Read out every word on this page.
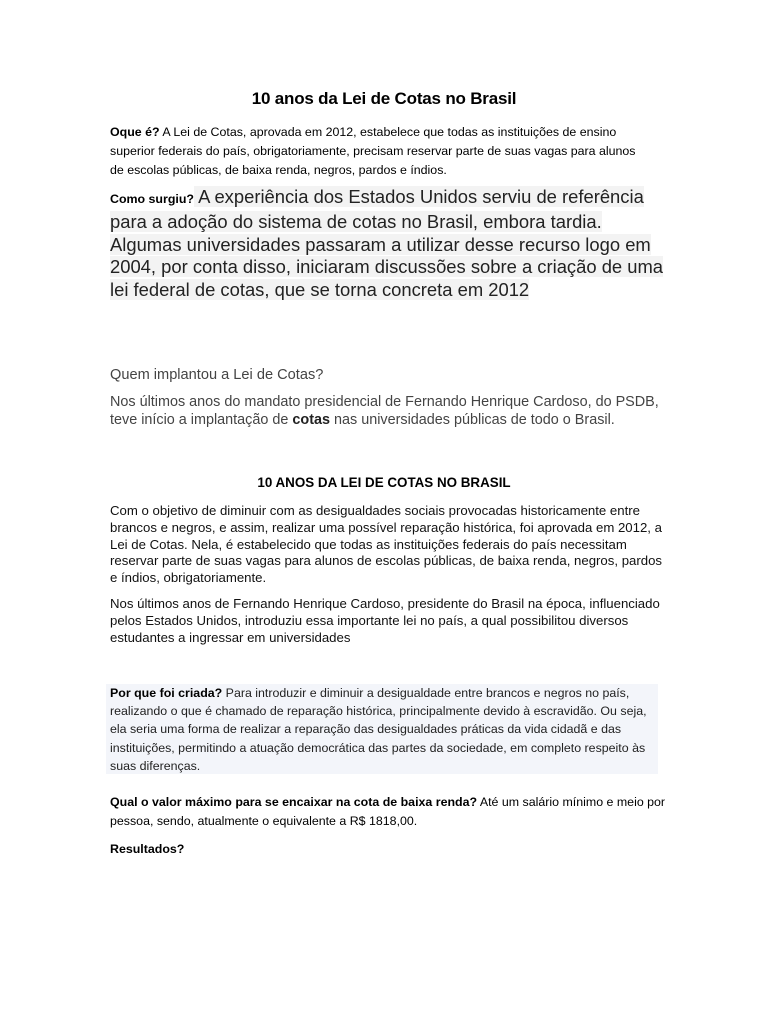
10 anos da Lei de Cotas no Brasil
Oque é? A Lei de Cotas, aprovada em 2012, estabelece que todas as instituições de ensino superior federais do país, obrigatoriamente, precisam reservar parte de suas vagas para alunos de escolas públicas, de baixa renda, negros, pardos e índios.
Como surgiu? A experiência dos Estados Unidos serviu de referência para a adoção do sistema de cotas no Brasil, embora tardia. Algumas universidades passaram a utilizar desse recurso logo em 2004, por conta disso, iniciaram discussões sobre a criação de uma lei federal de cotas, que se torna concreta em 2012
Quem implantou a Lei de Cotas?
Nos últimos anos do mandato presidencial de Fernando Henrique Cardoso, do PSDB, teve início a implantação de cotas nas universidades públicas de todo o Brasil.
10 ANOS DA LEI DE COTAS NO BRASIL
Com o objetivo de diminuir com as desigualdades sociais provocadas historicamente entre brancos e negros, e assim, realizar uma possível reparação histórica, foi aprovada em 2012, a Lei de Cotas. Nela, é estabelecido que todas as instituições federais do país necessitam reservar parte de suas vagas para alunos de escolas públicas, de baixa renda, negros, pardos e índios, obrigatoriamente.
Nos últimos anos de Fernando Henrique Cardoso, presidente do Brasil na época, influenciado pelos Estados Unidos, introduziu essa importante lei no país, a qual possibilitou diversos estudantes a ingressar em universidades
Por que foi criada? Para introduzir e diminuir a desigualdade entre brancos e negros no país, realizando o que é chamado de reparação histórica, principalmente devido à escravidão. Ou seja, ela seria uma forma de realizar a reparação das desigualdades práticas da vida cidadã e das instituições, permitindo a atuação democrática das partes da sociedade, em completo respeito às suas diferenças.
Qual o valor máximo para se encaixar na cota de baixa renda? Até um salário mínimo e meio por pessoa, sendo, atualmente o equivalente a R$ 1818,00.
Resultados?
